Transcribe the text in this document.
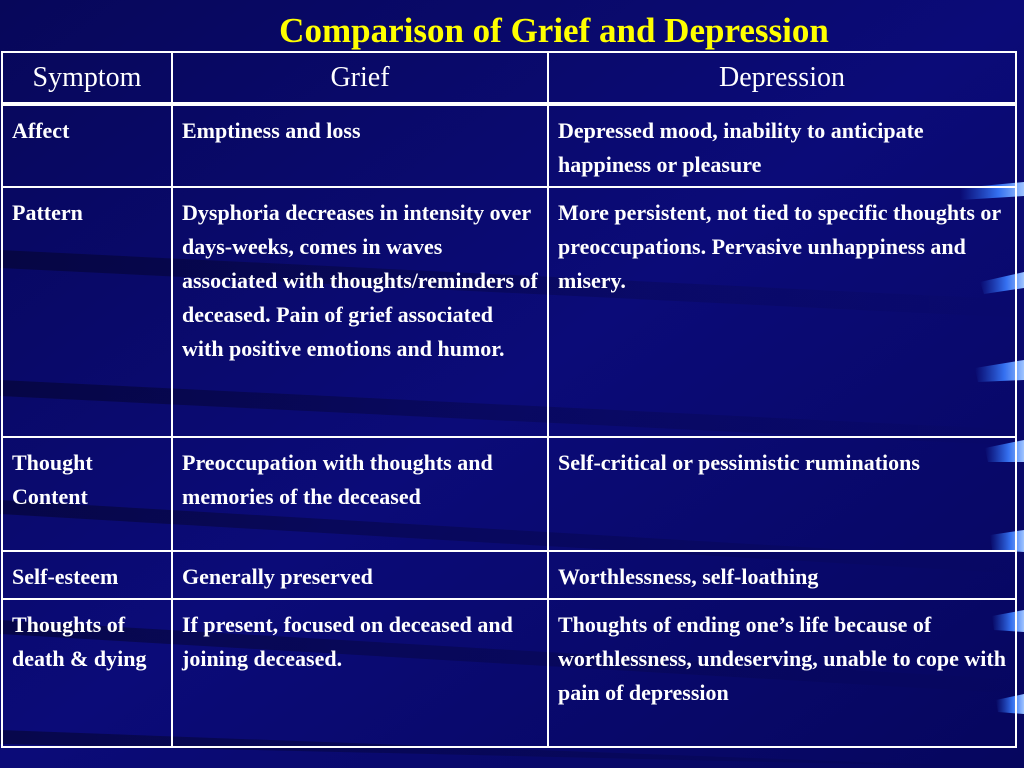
Comparison of Grief and Depression
Symptom	Grief	Depression
Affect	Emptiness and loss	Depressed mood, inability to anticipate happiness or pleasure
Pattern	Dysphoria decreases in intensity over days-weeks, comes in waves associated with thoughts/reminders of deceased. Pain of grief associated with positive emotions and humor.	More persistent, not tied to specific thoughts or preoccupations. Pervasive unhappiness and misery.
Thought Content	Preoccupation with thoughts and memories of the deceased	Self-critical or pessimistic ruminations
Self-esteem	Generally preserved	Worthlessness, self-loathing
Thoughts of death & dying	If present, focused on deceased and joining deceased.	Thoughts of ending one’s life because of worthlessness, undeserving, unable to cope with pain of depression
